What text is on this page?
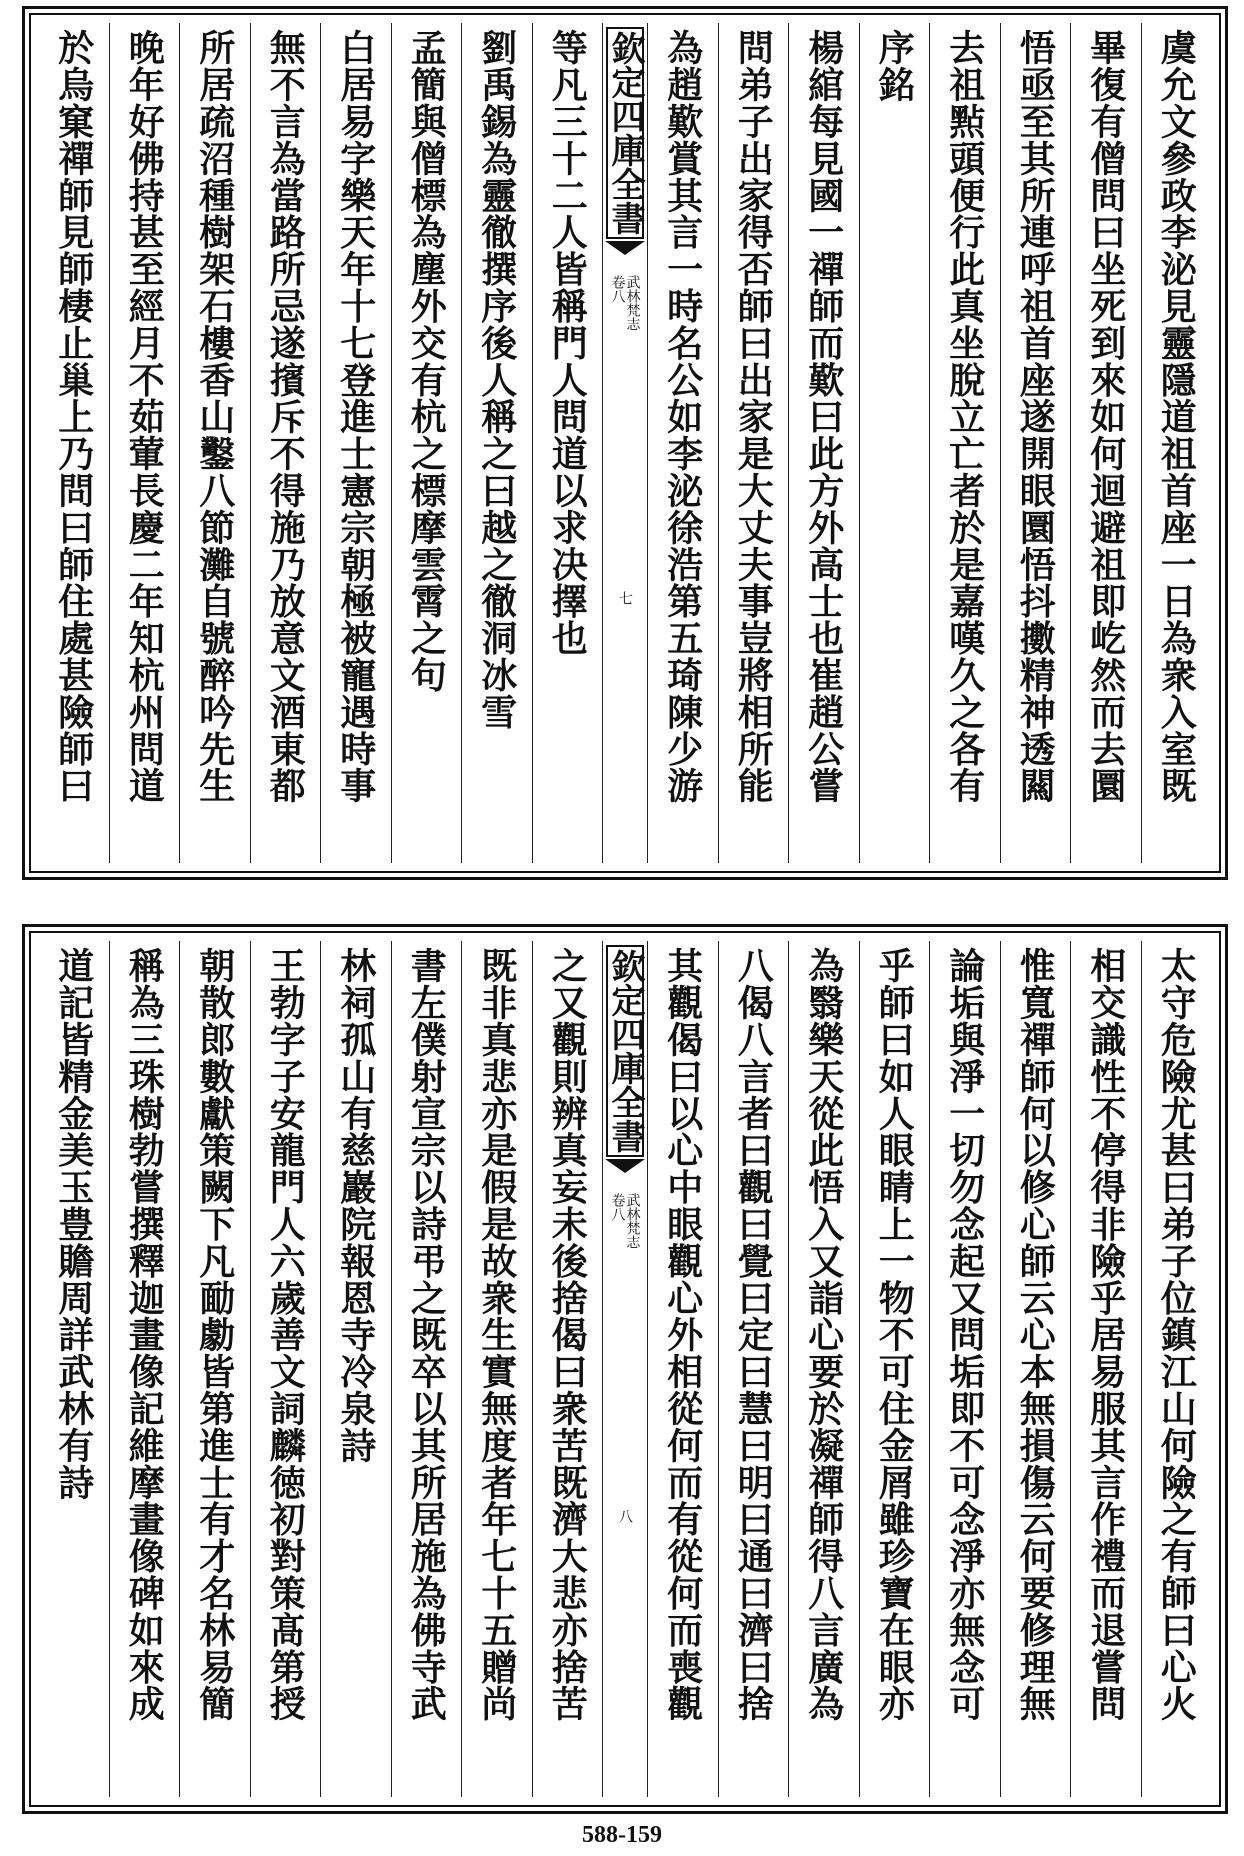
虞允文參政李泌見靈隱道祖首座一日為衆入室既
畢復有僧問曰坐死到來如何迴避祖即屹然而去圜
悟亟至其所連呼祖首座遂開眼圜悟抖擻精神透闗
去祖㸃頭便行此真坐脫立亡者於是嘉嘆久之各有
序銘
楊綰每見國一禪師而歎曰此方外高士也崔趙公嘗
問弟子出家得否師曰出家是大丈夫事豈將相所能
為趙歎賞其言一時名公如李泌徐浩第五琦陳少游
欽定四庫全書
武林梵志
卷八
七
等凡三十二人皆稱門人問道以求决擇也
劉禹錫為靈徹撰序後人稱之曰越之徹洞冰雪
孟簡與僧標為塵外交有杭之標摩雲霄之句
白居易字樂天年十七登進士憲宗朝極被寵遇時事
無不言為當路所忌遂擯斥不得施乃放意文酒東都
所居疏沼種樹架石樓香山鑿八節灘自號醉吟先生
晚年好佛持甚至經月不茹葷長慶二年知杭州問道
於烏窠禪師見師棲止巢上乃問曰師住處甚險師曰
太守危險尤甚曰弟子位鎮江山何險之有師曰心火
相交識性不停得非險乎居易服其言作禮而退嘗問
惟寬禪師何以修心師云心本無損傷云何要修理無
論垢與淨一切勿念起又問垢即不可念淨亦無念可
乎師曰如人眼睛上一物不可住金屑雖珍寶在眼亦
為翳樂天從此悟入又詣心要於凝禪師得八言廣為
八偈八言者曰觀曰覺曰定曰慧曰明曰通曰濟曰捨
其觀偈曰以心中眼觀心外相從何而有從何而喪觀
欽定四庫全書
武林梵志
卷八
八
之又觀則辨真妄未後捨偈曰衆苦既濟大悲亦捨苦
既非真悲亦是假是故衆生實無度者年七十五贈尚
書左僕射宣宗以詩弔之既卒以其所居施為佛寺武
林祠孤山有慈巖院報恩寺冷泉詩
王勃字子安龍門人六歲善文詞麟徳初對策髙第授
朝散郎數獻策闕下凡勔勮皆第進士有才名林易簡
稱為三珠樹勃嘗撰釋迦畫像記維摩畫像碑如來成
道記皆精金美玉豊贍周詳武林有詩
588-159
